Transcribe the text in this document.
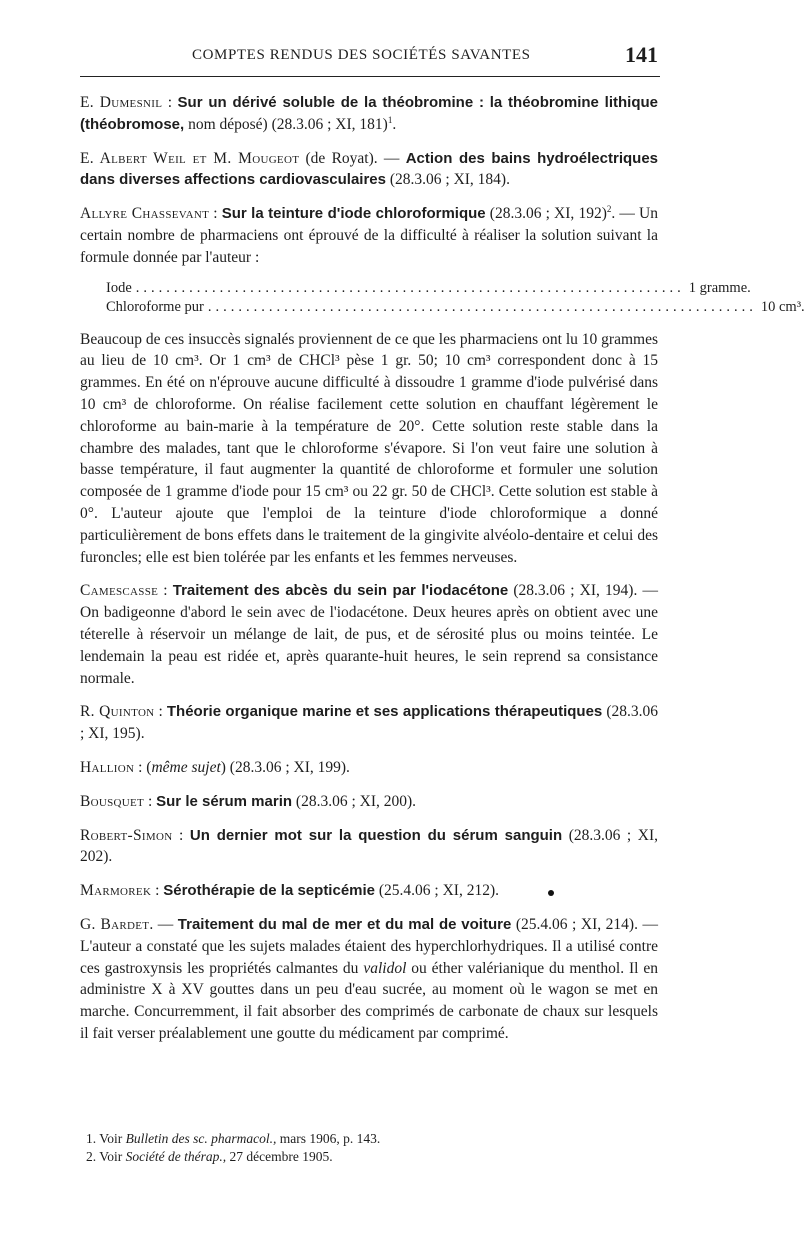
COMPTES RENDUS DES SOCIÉTÉS SAVANTES	141

E. Dumesnil : Sur un dérivé soluble de la théobromine : la théobromine lithique (théobromose, nom déposé) (28.3.06 ; XI, 181)$^1$.

E. Albert Weil et M. Mougeot (de Royat). — Action des bains hydroélectriques dans diverses affections cardiovasculaires (28.3.06 ; XI, 184).

Allyre Chassevant : Sur la teinture d'iode chloroformique (28.3.06 ; XI, 192)$^2$. — Un certain nombre de pharmaciens ont éprouvé de la difficulté à réaliser la solution suivant la formule donnée par l'auteur :

Iode ........................................................................ 1 gramme.
Chloroforme pur ........................................................................ 10 cm³.

Beaucoup de ces insuccès signalés proviennent de ce que les pharmaciens ont lu 10 grammes au lieu de 10 cm³. Or 1 cm³ de CHCl³ pèse 1 gr. 50; 10 cm³ correspondent donc à 15 grammes. En été on n'éprouve aucune difficulté à dissoudre 1 gramme d'iode pulvérisé dans 10 cm³ de chloroforme. On réalise facilement cette solution en chauffant légèrement le chloroforme au bain-marie à la température de 20°. Cette solution reste stable dans la chambre des malades, tant que le chloroforme s'évapore. Si l'on veut faire une solution à basse température, il faut augmenter la quantité de chloroforme et formuler une solution composée de 1 gramme d'iode pour 15 cm³ ou 22 gr. 50 de CHCl³. Cette solution est stable à 0°. L'auteur ajoute que l'emploi de la teinture d'iode chloroformique a donné particulièrement de bons effets dans le traitement de la gingivite alvéolo-dentaire et celui des furoncles; elle est bien tolérée par les enfants et les femmes nerveuses.

Camescasse : Traitement des abcès du sein par l'iodacétone (28.3.06 ; XI, 194). — On badigeonne d'abord le sein avec de l'iodacétone. Deux heures après on obtient avec une téterelle à réservoir un mélange de lait, de pus, et de sérosité plus ou moins teintée. Le lendemain la peau est ridée et, après quarante-huit heures, le sein reprend sa consistance normale.

R. Quinton : Théorie organique marine et ses applications thérapeutiques (28.3.06 ; XI, 195).

Hallion : (même sujet) (28.3.06 ; XI, 199).

Bousquet : Sur le sérum marin (28.3.06 ; XI, 200).

Robert-Simon : Un dernier mot sur la question du sérum sanguin (28.3.06 ; XI, 202).

Marmorek : Sérothérapie de la septicémie (25.4.06 ; XI, 212).

G. Bardet. — Traitement du mal de mer et du mal de voiture (25.4.06 ; XI, 214). — L'auteur a constaté que les sujets malades étaient des hyperchlorhydriques. Il a utilisé contre ces gastroxynsis les propriétés calmantes du validol ou éther valérianique du menthol. Il en administre X à XV gouttes dans un peu d'eau sucrée, au moment où le wagon se met en marche. Concurremment, il fait absorber des comprimés de carbonate de chaux sur lesquels il fait verser préalablement une goutte du médicament par comprimé.

1. Voir Bulletin des sc. pharmacol., mars 1906, p. 143.

2. Voir Société de thérap., 27 décembre 1905.
